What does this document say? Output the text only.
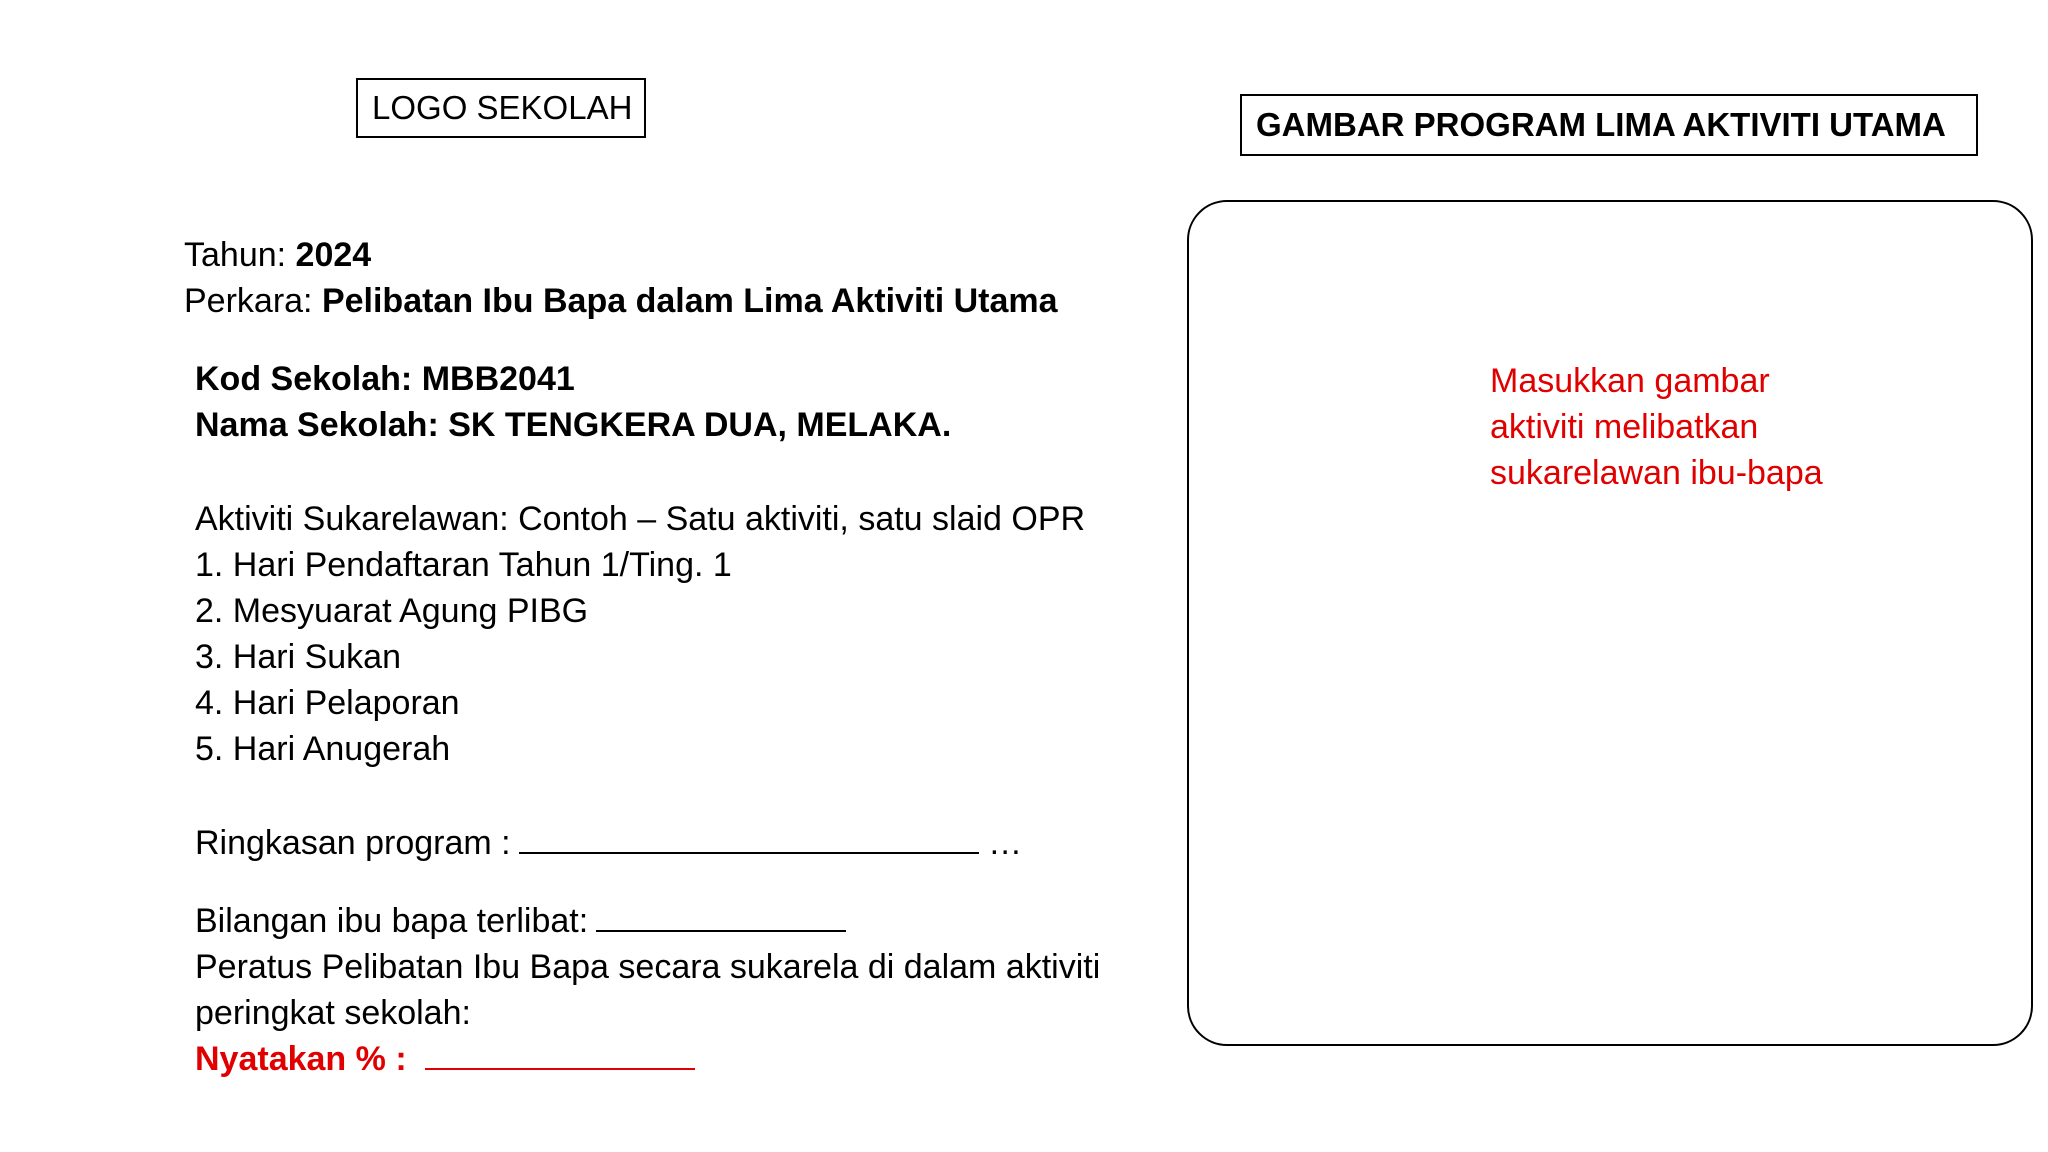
LOGO SEKOLAH	GAMBAR PROGRAM LIMA AKTIVITI UTAMA
Masukkan gambar aktiviti melibatkan sukarelawan ibu-bapa
Tahun: 2024
Perkara: Pelibatan Ibu Bapa dalam Lima Aktiviti Utama
Kod Sekolah: MBB2041
Nama Sekolah: SK TENGKERA DUA, MELAKA.
Aktiviti Sukarelawan: Contoh – Satu aktiviti, satu slaid OPR
1. Hari Pendaftaran Tahun 1/Ting. 1
2. Mesyuarat Agung PIBG
3. Hari Sukan
4. Hari Pelaporan
5. Hari Anugerah
Ringkasan program :	…
Bilangan ibu bapa terlibat:
Peratus Pelibatan Ibu Bapa secara sukarela di dalam aktiviti
peringkat sekolah:
Nyatakan % :
